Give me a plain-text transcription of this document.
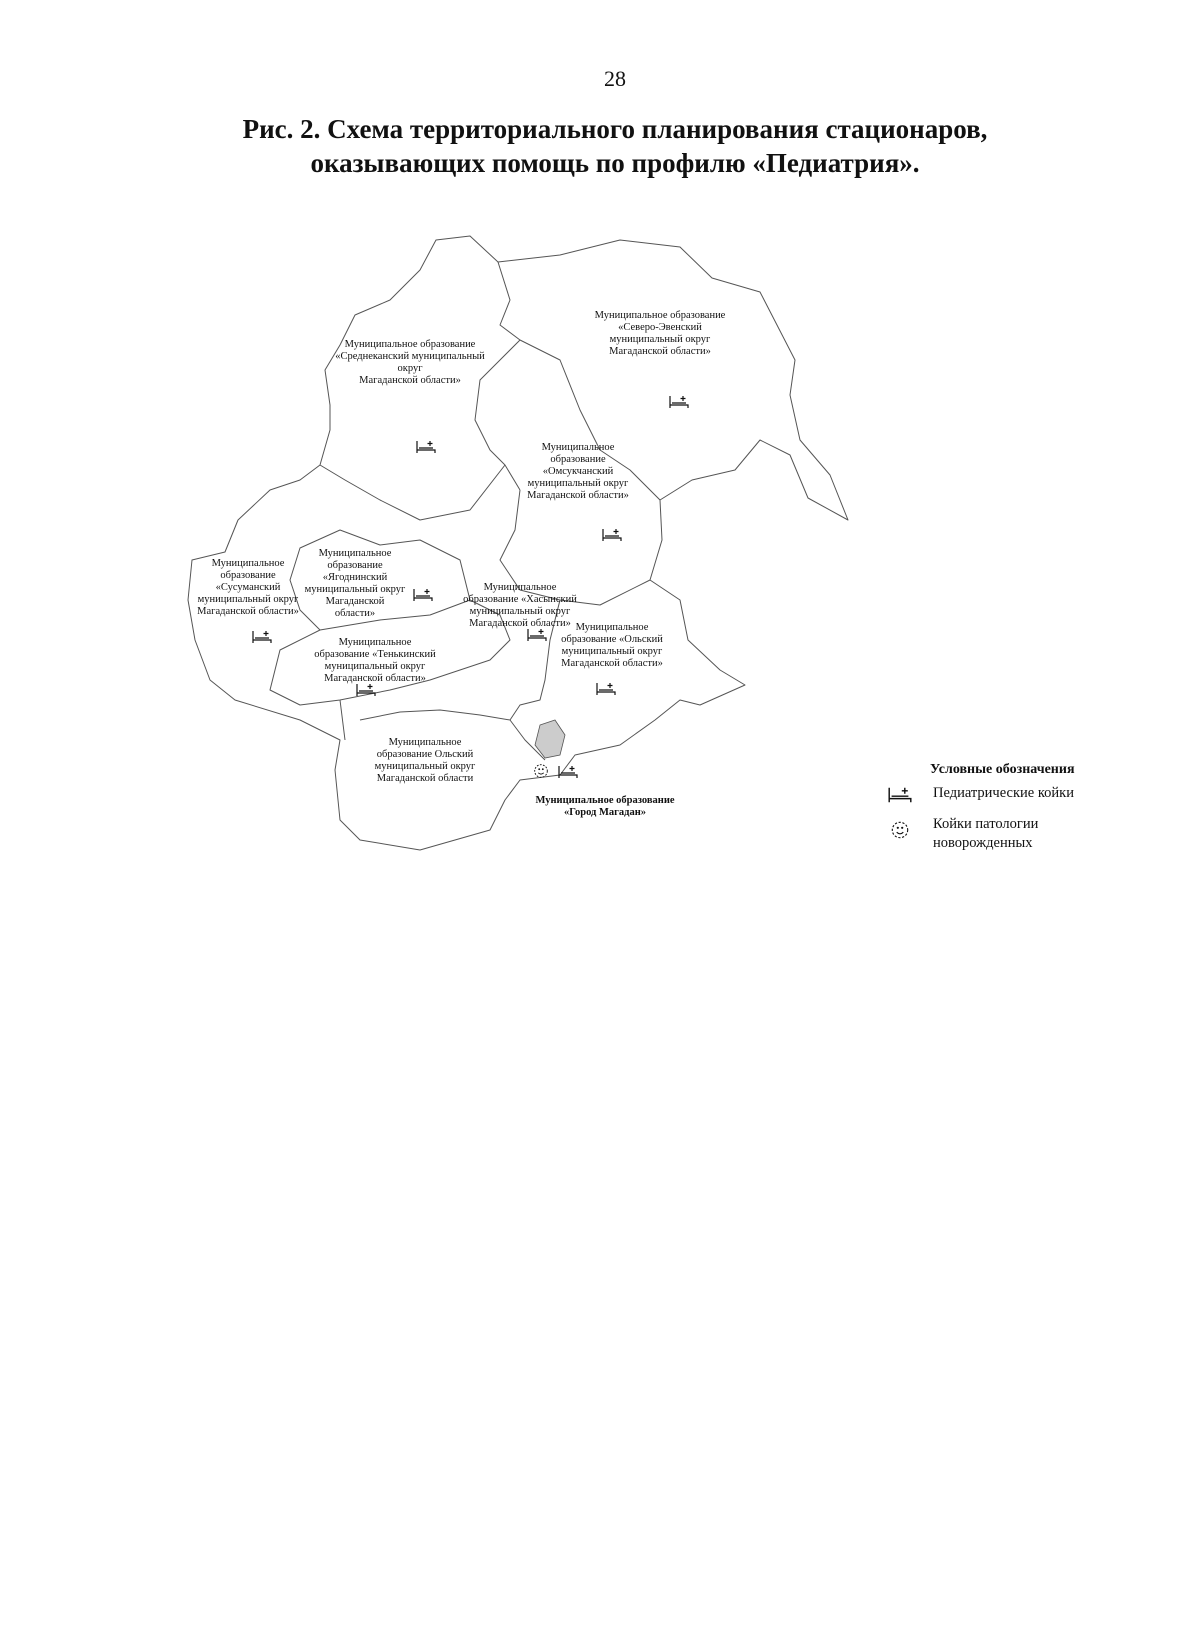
28
Рис. 2. Схема территориального планирования стационаров,
оказывающих помощь по профилю «Педиатрия».
Муниципальное образование
«Среднеканский муниципальный
округ
Магаданской области»
Муниципальное образование
«Северо-Эвенский
муниципальный округ
Магаданской области»
Муниципальное
образование
«Омсукчанский
муниципальный округ
Магаданской области»
Муниципальное
образование
«Ягоднинский
муниципальный округ
Магаданской
области»
Муниципальное
образование
«Сусуманский
муниципальный округ
Магаданской области»
Муниципальное
образование «Хасынский
муниципальный округ
Магаданской области»
Муниципальное
образование «Тенькинский
муниципальный округ
Магаданской области»
Муниципальное
образование «Ольский
муниципальный округ
Магаданской области»
Муниципальное
образование Ольский
муниципальный округ
Магаданской области
Муниципальное образование
«Город Магадан»
Условные обозначения
Педиатрические койки
Койки патологии
новорожденных
